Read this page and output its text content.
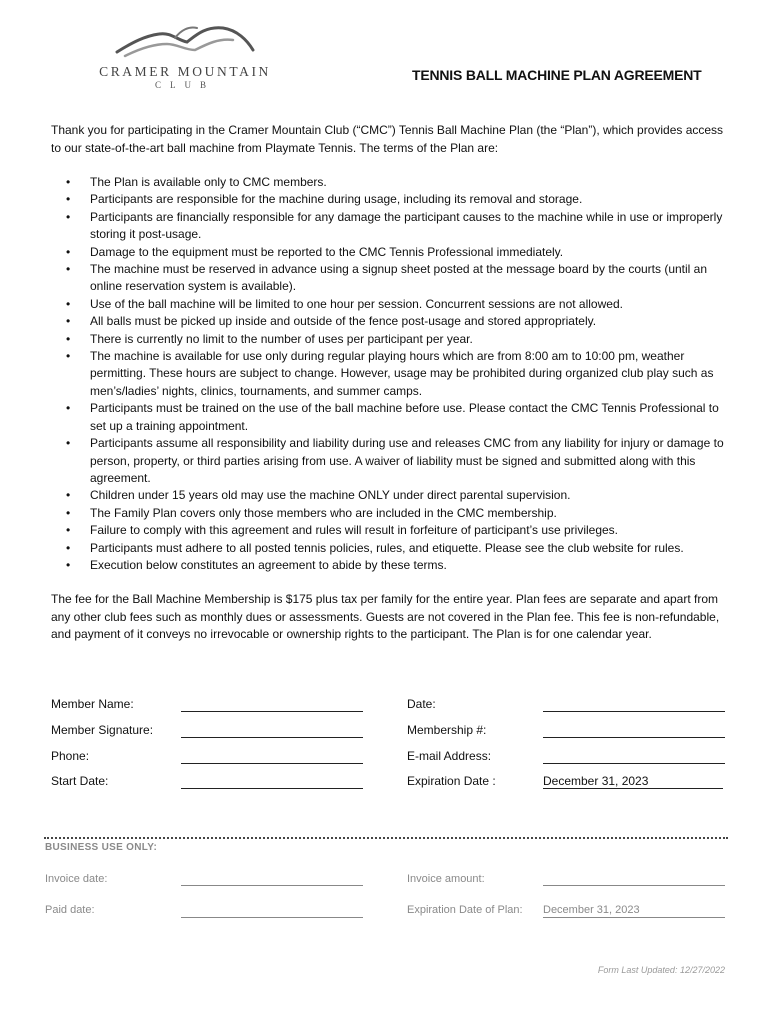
CRAMER MOUNTAIN
CLUB
TENNIS BALL MACHINE PLAN AGREEMENT
Thank you for participating in the Cramer Mountain Club (“CMC”) Tennis Ball Machine Plan (the “Plan”), which provides access to our state-of-the-art ball machine from Playmate Tennis. The terms of the Plan are:
• The Plan is available only to CMC members.
• Participants are responsible for the machine during usage, including its removal and storage.
• Participants are financially responsible for any damage the participant causes to the machine while in use or improperly storing it post-usage.
• Damage to the equipment must be reported to the CMC Tennis Professional immediately.
• The machine must be reserved in advance using a signup sheet posted at the message board by the courts (until an online reservation system is available).
• Use of the ball machine will be limited to one hour per session. Concurrent sessions are not allowed.
• All balls must be picked up inside and outside of the fence post-usage and stored appropriately.
• There is currently no limit to the number of uses per participant per year.
• The machine is available for use only during regular playing hours which are from 8:00 am to 10:00 pm, weather permitting. These hours are subject to change. However, usage may be prohibited during organized club play such as men’s/ladies’ nights, clinics, tournaments, and summer camps.
• Participants must be trained on the use of the ball machine before use. Please contact the CMC Tennis Professional to set up a training appointment.
• Participants assume all responsibility and liability during use and releases CMC from any liability for injury or damage to person, property, or third parties arising from use. A waiver of liability must be signed and submitted along with this agreement.
• Children under 15 years old may use the machine ONLY under direct parental supervision.
• The Family Plan covers only those members who are included in the CMC membership.
• Failure to comply with this agreement and rules will result in forfeiture of participant’s use privileges.
• Participants must adhere to all posted tennis policies, rules, and etiquette. Please see the club website for rules.
• Execution below constitutes an agreement to abide by these terms.
The fee for the Ball Machine Membership is $175 plus tax per family for the entire year. Plan fees are separate and apart from any other club fees such as monthly dues or assessments. Guests are not covered in the Plan fee. This fee is non-refundable, and payment of it conveys no irrevocable or ownership rights to the participant. The Plan is for one calendar year.
Member Name:	Date:
Member Signature:	Membership #:
Phone:	E-mail Address:
Start Date:	Expiration Date :	December 31, 2023
BUSINESS USE ONLY:
Invoice date:	Invoice amount:
Paid date:	Expiration Date of Plan: December 31, 2023
Form Last Updated: 12/27/2022
